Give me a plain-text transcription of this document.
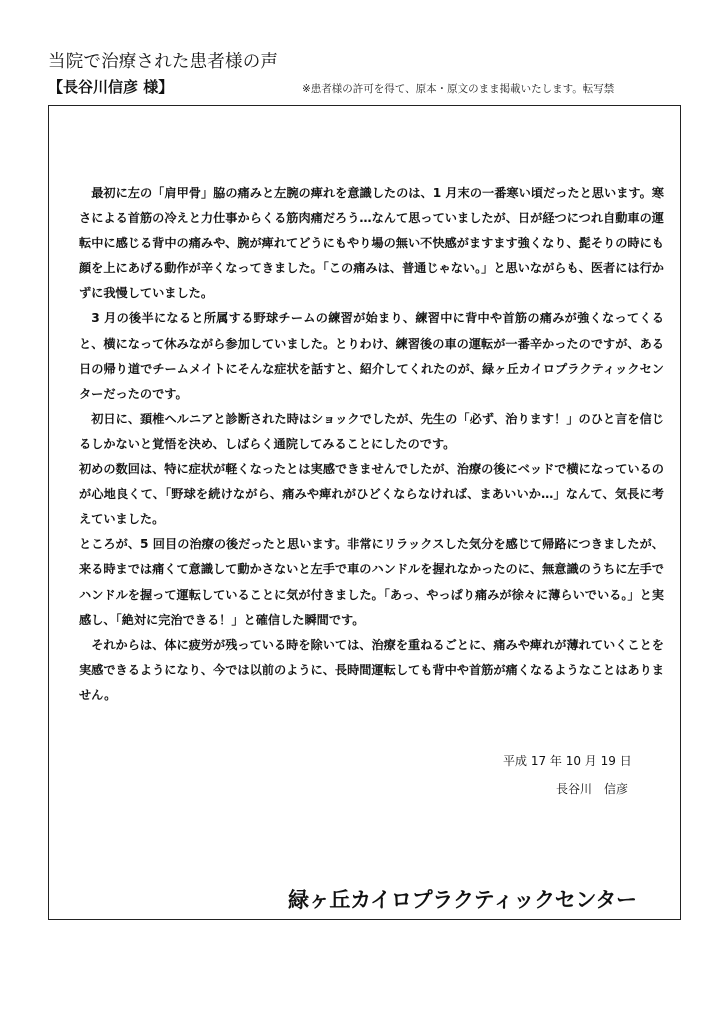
当院で治療された患者様の声
【長谷川信彦 様】	※患者様の許可を得て、原本・原文のまま掲載いたします。転写禁

最初に左の「肩甲骨」脇の痛みと左腕の痺れを意識したのは、1 月末の一番寒い頃だったと思います。寒さによる首筋の冷えと力仕事からくる筋肉痛だろう…なんて思っていましたが、日が経つにつれ自動車の運転中に感じる背中の痛みや、腕が痺れてどうにもやり場の無い不快感がますます強くなり、髭そりの時にも顔を上にあげる動作が辛くなってきました。「この痛みは、普通じゃない。」と思いながらも、医者には行かずに我慢していました。

3 月の後半になると所属する野球チームの練習が始まり、練習中に背中や首筋の痛みが強くなってくると、横になって休みながら参加していました。とりわけ、練習後の車の運転が一番辛かったのですが、ある日の帰り道でチームメイトにそんな症状を話すと、紹介してくれたのが、緑ヶ丘カイロプラクティックセンターだったのです。

初日に、頚椎ヘルニアと診断された時はショックでしたが、先生の「必ず、治ります！」のひと言を信じるしかないと覚悟を決め、しばらく通院してみることにしたのです。

初めの数回は、特に症状が軽くなったとは実感できませんでしたが、治療の後にベッドで横になっているのが心地良くて、「野球を続けながら、痛みや痺れがひどくならなければ、まあいいか…」なんて、気長に考えていました。

ところが、5 回目の治療の後だったと思います。非常にリラックスした気分を感じて帰路につきましたが、来る時までは痛くて意識して動かさないと左手で車のハンドルを握れなかったのに、無意識のうちに左手でハンドルを握って運転していることに気が付きました。「あっ、やっぱり痛みが徐々に薄らいでいる。」と実感し、「絶対に完治できる！」と確信した瞬間です。

それからは、体に疲労が残っている時を除いては、治療を重ねるごとに、痛みや痺れが薄れていくことを実感できるようになり、今では以前のように、長時間運転しても背中や首筋が痛くなるようなことはありません。

平成 17 年 10 月 19 日
長谷川　信彦
緑ヶ丘カイロプラクティックセンター
